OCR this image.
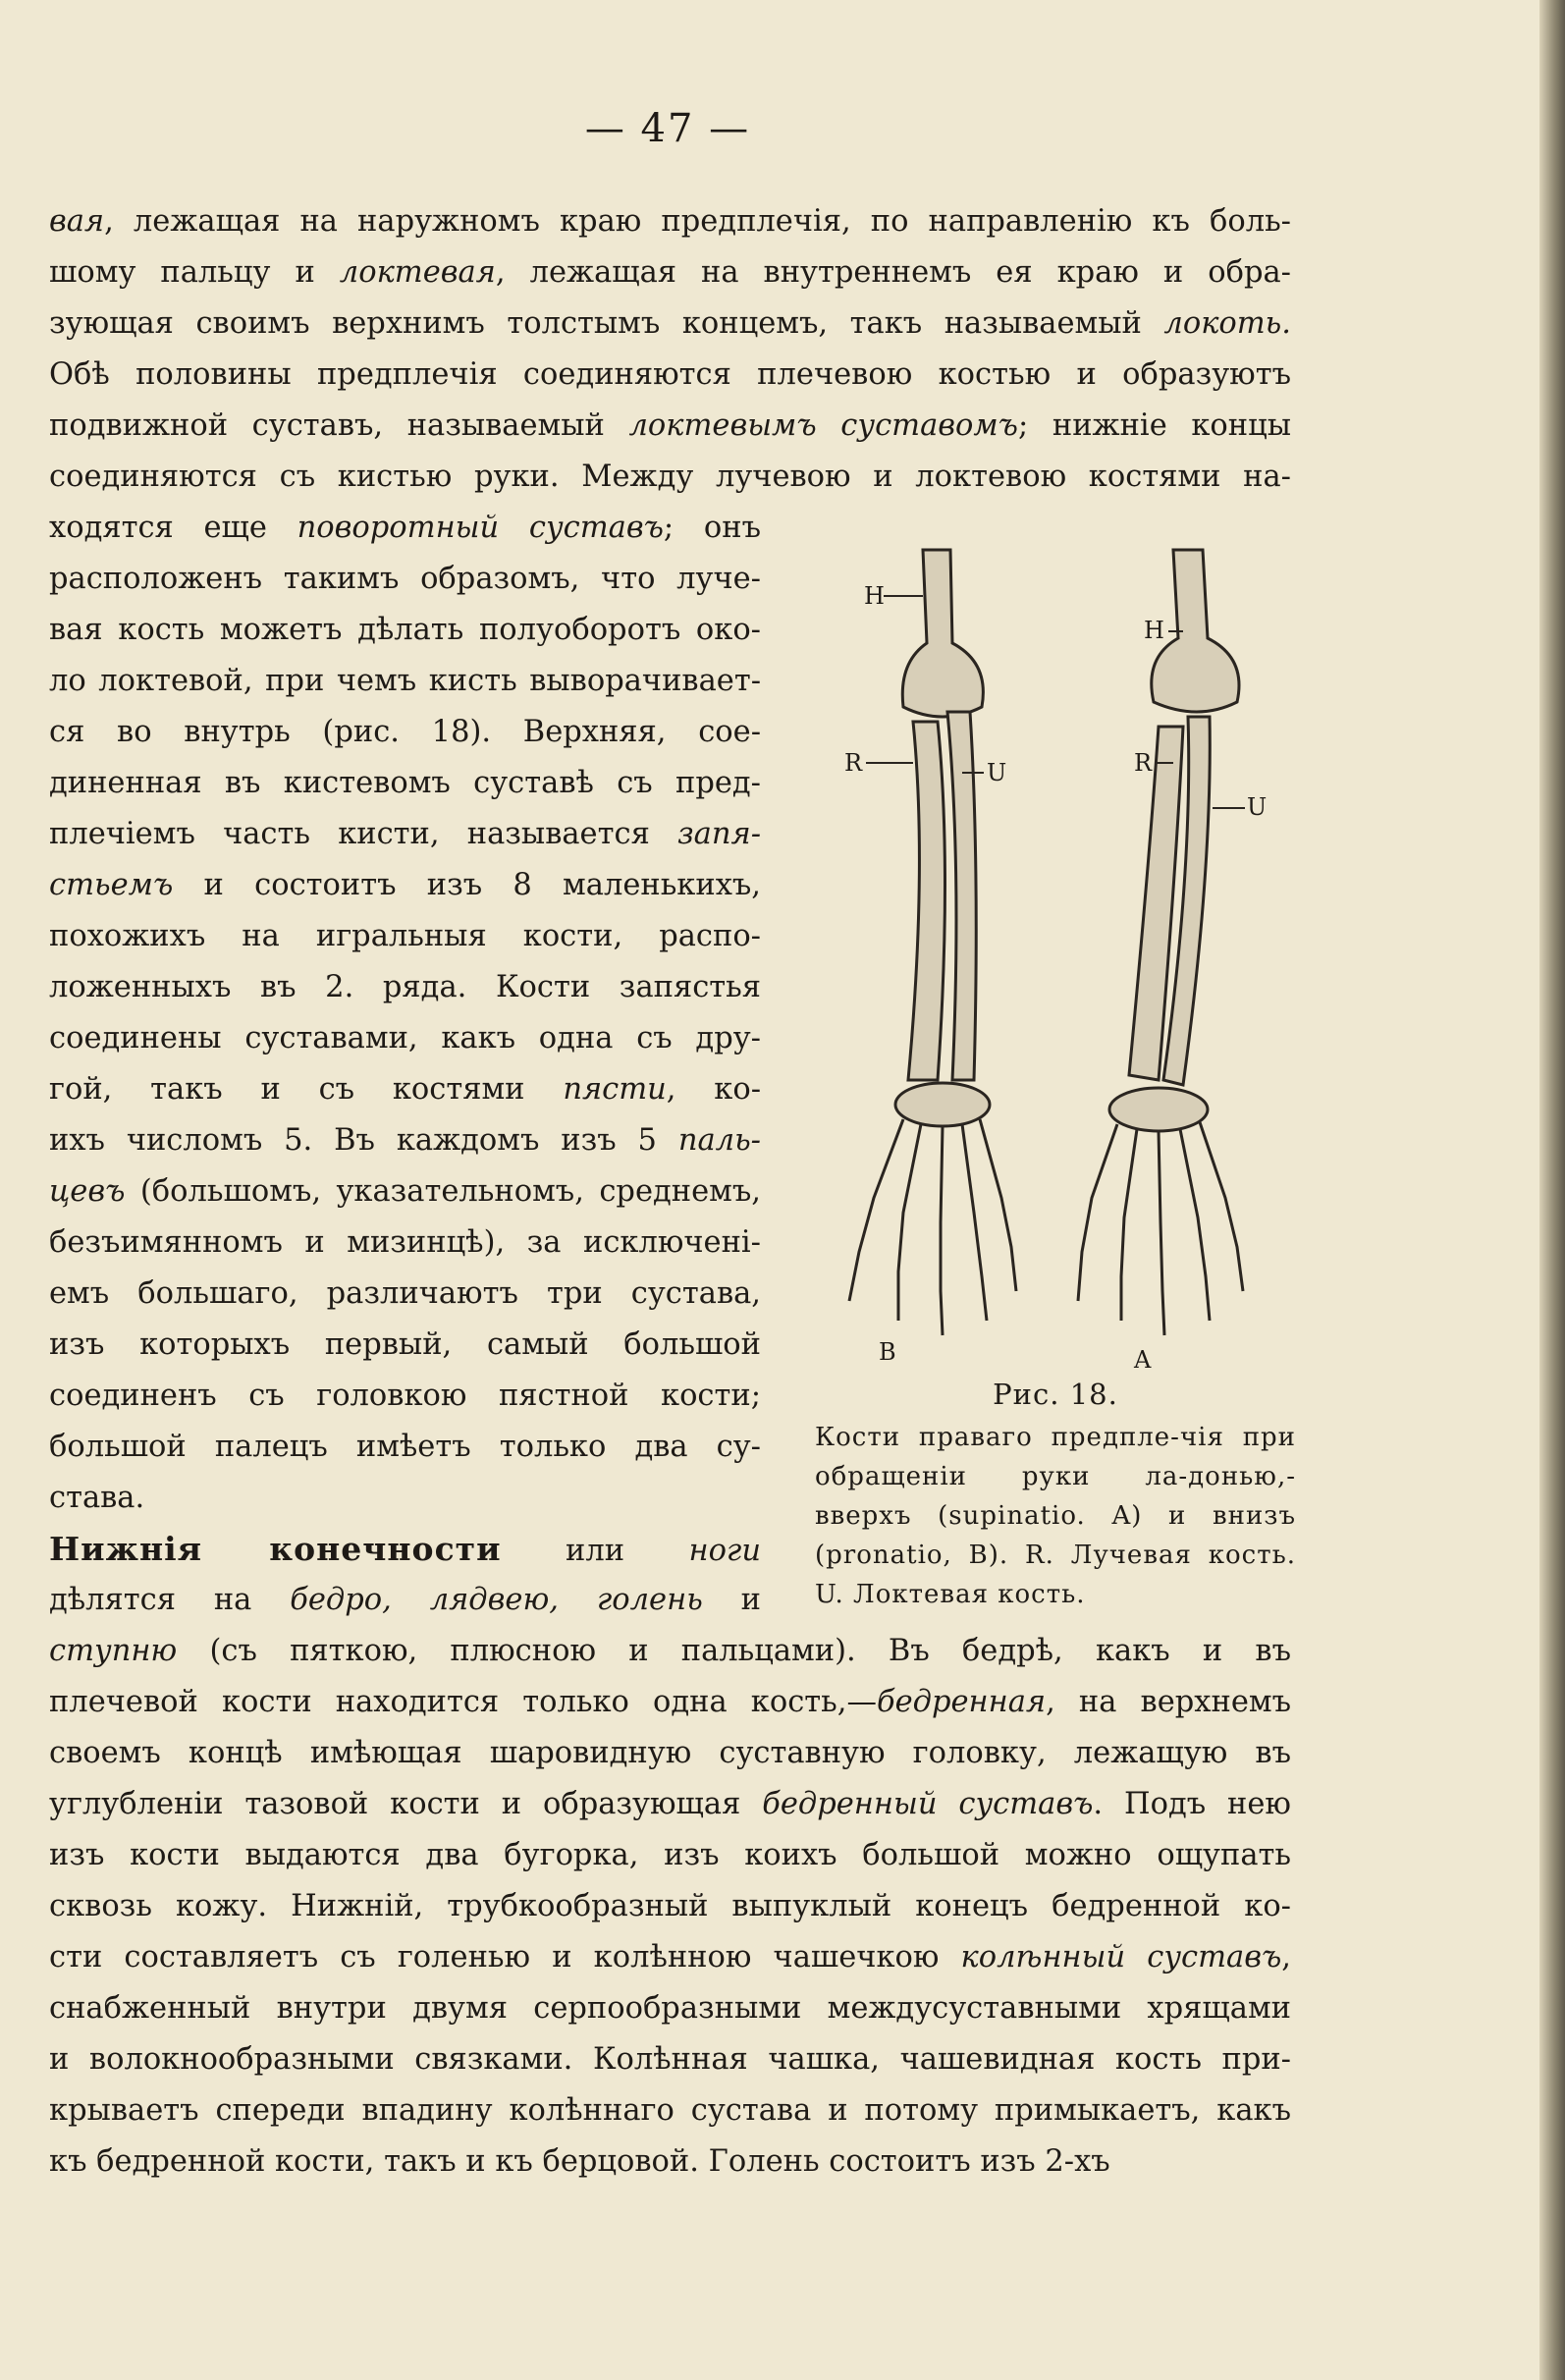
— 47 —
вая, лежащая на наружномъ краю предплечія, по направленію къ боль-
шому пальцу и локтевая, лежащая на внутреннемъ ея краю и обра-
зующая своимъ верхнимъ толстымъ концемъ, такъ называемый локоть.
Обѣ половины предплечія соединяются плечевою костью и образуютъ
подвижной суставъ, называемый локтевымъ суставомъ; нижніе концы
соединяются съ кистью руки. Между лучевою и локтевою костями на-
ходятся еще поворотный суставъ; онъ
расположенъ такимъ образомъ, что луче-
вая кость можетъ дѣлать полуоборотъ око-
ло локтевой, при чемъ кисть выворачивает-
ся во внутрь (рис. 18). Верхняя, сое-
диненная въ кистевомъ суставѣ съ пред-
плечіемъ часть кисти, называется запя-
стьемъ и состоитъ изъ 8 маленькихъ,
похожихъ на игральныя кости, распо-
ложенныхъ въ 2. ряда. Кости запястья
соединены суставами, какъ одна съ дру-
гой, такъ и съ костями пясти, ко-
ихъ числомъ 5. Въ каждомъ изъ 5 паль-
цевъ (большомъ, указательномъ, среднемъ,
безъимянномъ и мизинцѣ), за исключені-
емъ большаго, различаютъ три сустава,
изъ которыхъ первый, самый большой
соединенъ съ головкою пястной кости;
большой палецъ имѣетъ только два су-
става.
Нижнія конечности или ноги
дѣлятся на бедро, лядвею, голень и
ступню (съ пяткою, плюсною и пальцами). Въ бедрѣ, какъ и въ
плечевой кости находится только одна кость,—бедренная, на верхнемъ
своемъ концѣ имѣющая шаровидную суставную головку, лежащую въ
углубленіи тазовой кости и образующая бедренный суставъ. Подъ нею
изъ кости выдаются два бугорка, изъ коихъ большой можно ощупать
сквозь кожу. Нижній, трубкообразный выпуклый конецъ бедренной ко-
сти составляетъ съ голенью и колѣнною чашечкою колѣнный суставъ,
снабженный внутри двумя серпообразными междусуставными хрящами
и волокнообразными связками. Колѣнная чашка, чашевидная кость при-
крываетъ спереди впадину колѣннаго сустава и потому примыкаетъ, какъ
къ бедренной кости, такъ и къ берцовой. Голень состоитъ изъ 2-хъ
H
R	U
H
R
U
B	A
Рис. 18.
Кости праваго предпле-чія при обращеніи руки ла-донью,-вверхъ (supinatio. A) и внизъ (pronatio, B). R. Лучевая кость. U. Локтевая кость.
